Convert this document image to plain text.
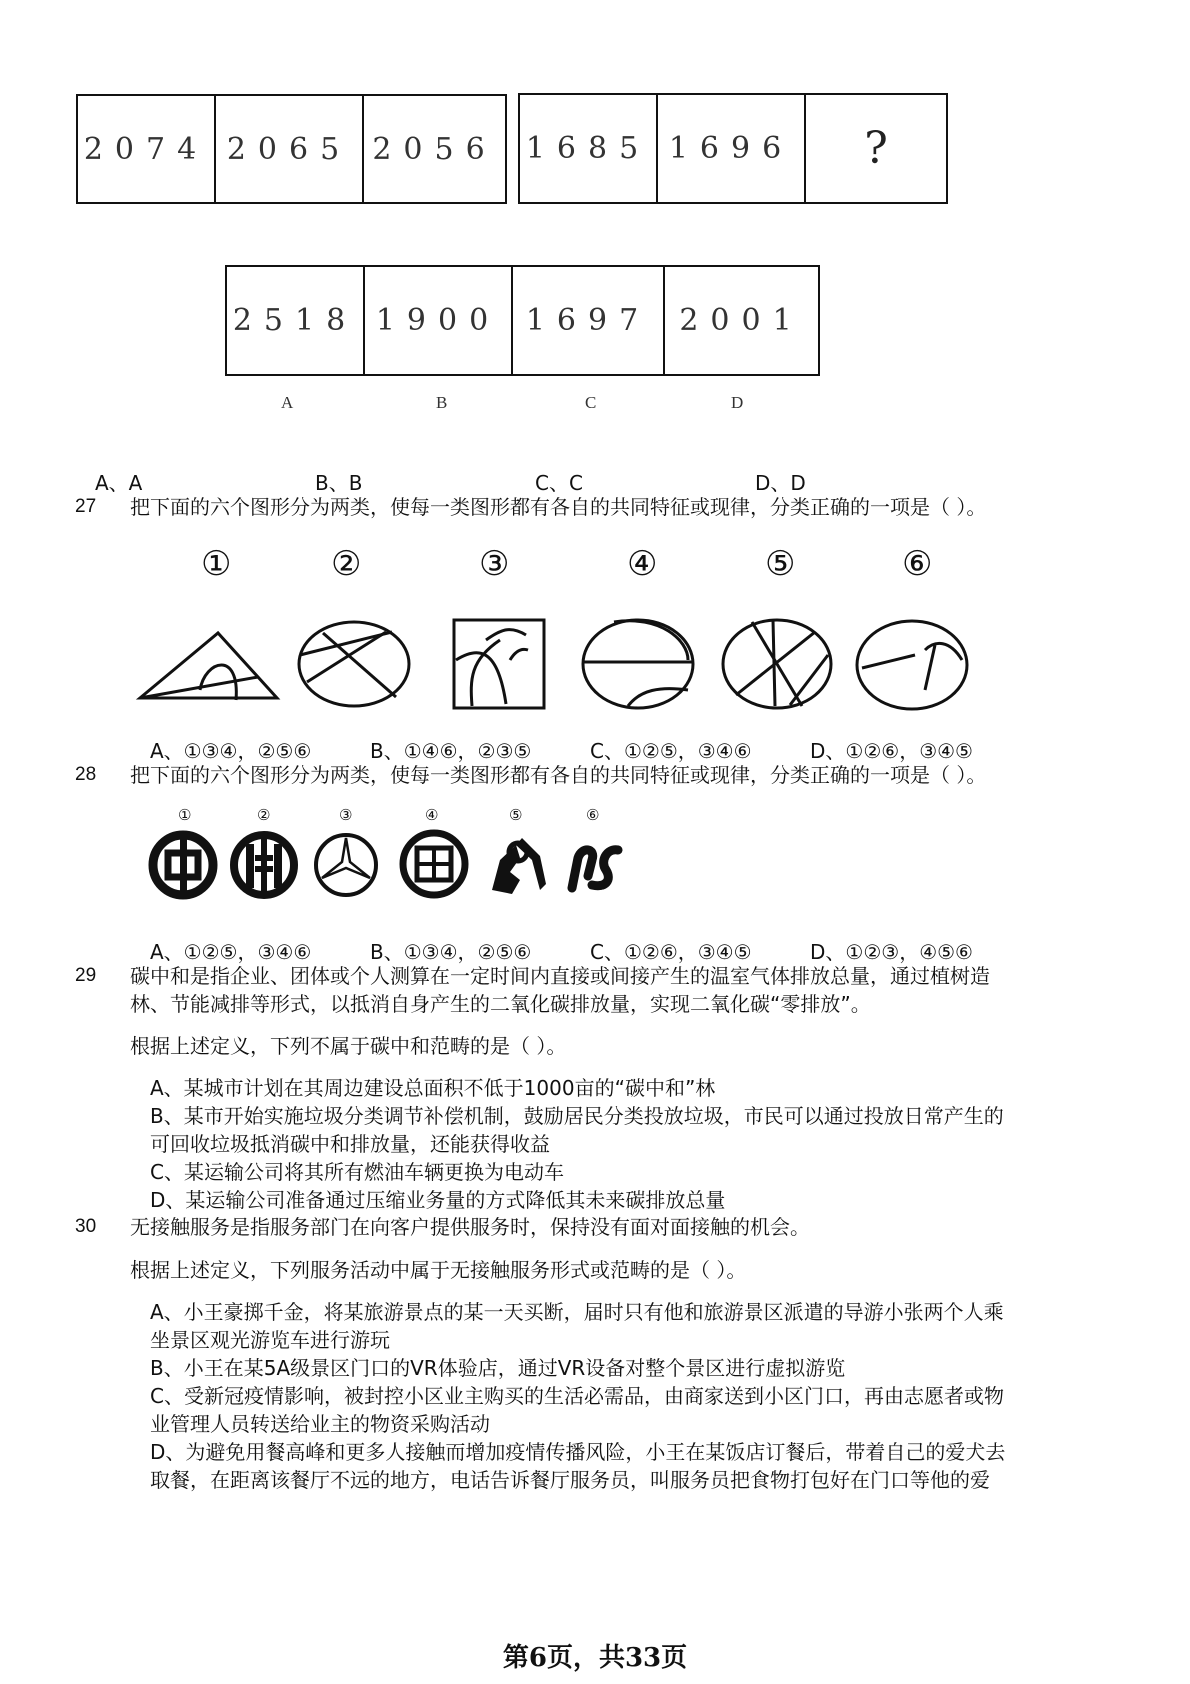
2074 2065 2056 1685 1696	?
2518 1900 1697 2001
A	B	C	D
A、A	B、B	C、C	D、D
27 把下面的六个图形分为两类，使每一类图形都有各自的共同特征或现律，分类正确的一项是（ ）。
①	②	③	④	⑤	⑥
A、①③④，②⑤⑥	B、①④⑥，②③⑤	C、①②⑤，③④⑥	D、①②⑥，③④⑤
28 把下面的六个图形分为两类，使每一类图形都有各自的共同特征或现律，分类正确的一项是（ ）。
①	②	③	④	⑤	⑥
A、①②⑤，③④⑥	B、①③④，②⑤⑥	C、①②⑥，③④⑤	D、①②③，④⑤⑥
29 碳中和是指企业、团体或个人测算在一定时间内直接或间接产生的温室气体排放总量，通过植树造
林、节能减排等形式，以抵消自身产生的二氧化碳排放量，实现二氧化碳“零排放”。
根据上述定义，下列不属于碳中和范畴的是（ ）。
A、某城市计划在其周边建设总面积不低于1000亩的“碳中和”林
B、某市开始实施垃圾分类调节补偿机制，鼓励居民分类投放垃圾，市民可以通过投放日常产生的
可回收垃圾抵消碳中和排放量，还能获得收益
C、某运输公司将其所有燃油车辆更换为电动车
D、某运输公司准备通过压缩业务量的方式降低其未来碳排放总量
30 无接触服务是指服务部门在向客户提供服务时，保持没有面对面接触的机会。
根据上述定义，下列服务活动中属于无接触服务形式或范畴的是（ ）。
A、小王豪掷千金，将某旅游景点的某一天买断，届时只有他和旅游景区派遣的导游小张两个人乘
坐景区观光游览车进行游玩
B、小王在某5A级景区门口的VR体验店，通过VR设备对整个景区进行虚拟游览
C、受新冠疫情影响，被封控小区业主购买的生活必需品，由商家送到小区门口，再由志愿者或物
业管理人员转送给业主的物资采购活动
D、为避免用餐高峰和更多人接触而增加疫情传播风险，小王在某饭店订餐后，带着自己的爱犬去
取餐，在距离该餐厅不远的地方，电话告诉餐厅服务员，叫服务员把食物打包好在门口等他的爱
第6页，共33页
